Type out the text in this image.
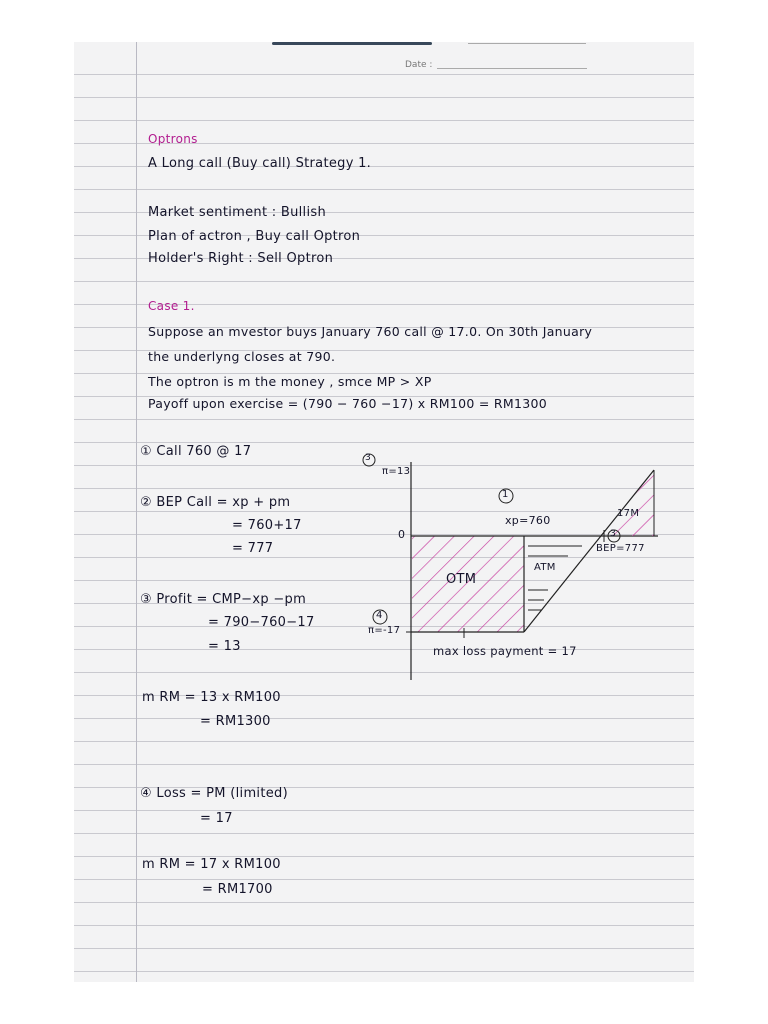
Date :
Optrons
A Long call (Buy call) Strategy 1.
Market sentiment : Bullish
Plan of actron , Buy call Optron
Holder's Right : Sell Optron
Case 1.
Suppose an mvestor buys January 760 call @ 17.0. On 30th January
the underlyng closes at 790.
The optron is m the money , smce MP > XP
Payoff upon exercise = (790 − 760 −17) x RM100 = RM1300
① Call 760 @ 17
② BEP Call = xp + pm
= 760+17
= 777
③ Profit = CMP−xp −pm
= 790−760−17
= 13
m RM = 13 x RM100
= RM1300
④ Loss = PM (limited)
= 17
m RM = 17 x RM100
= RM1700
3
1
4
3
π=13
0
xp=760
OTM
ATM
BEP=777
17M
π=-17
max loss payment = 17
